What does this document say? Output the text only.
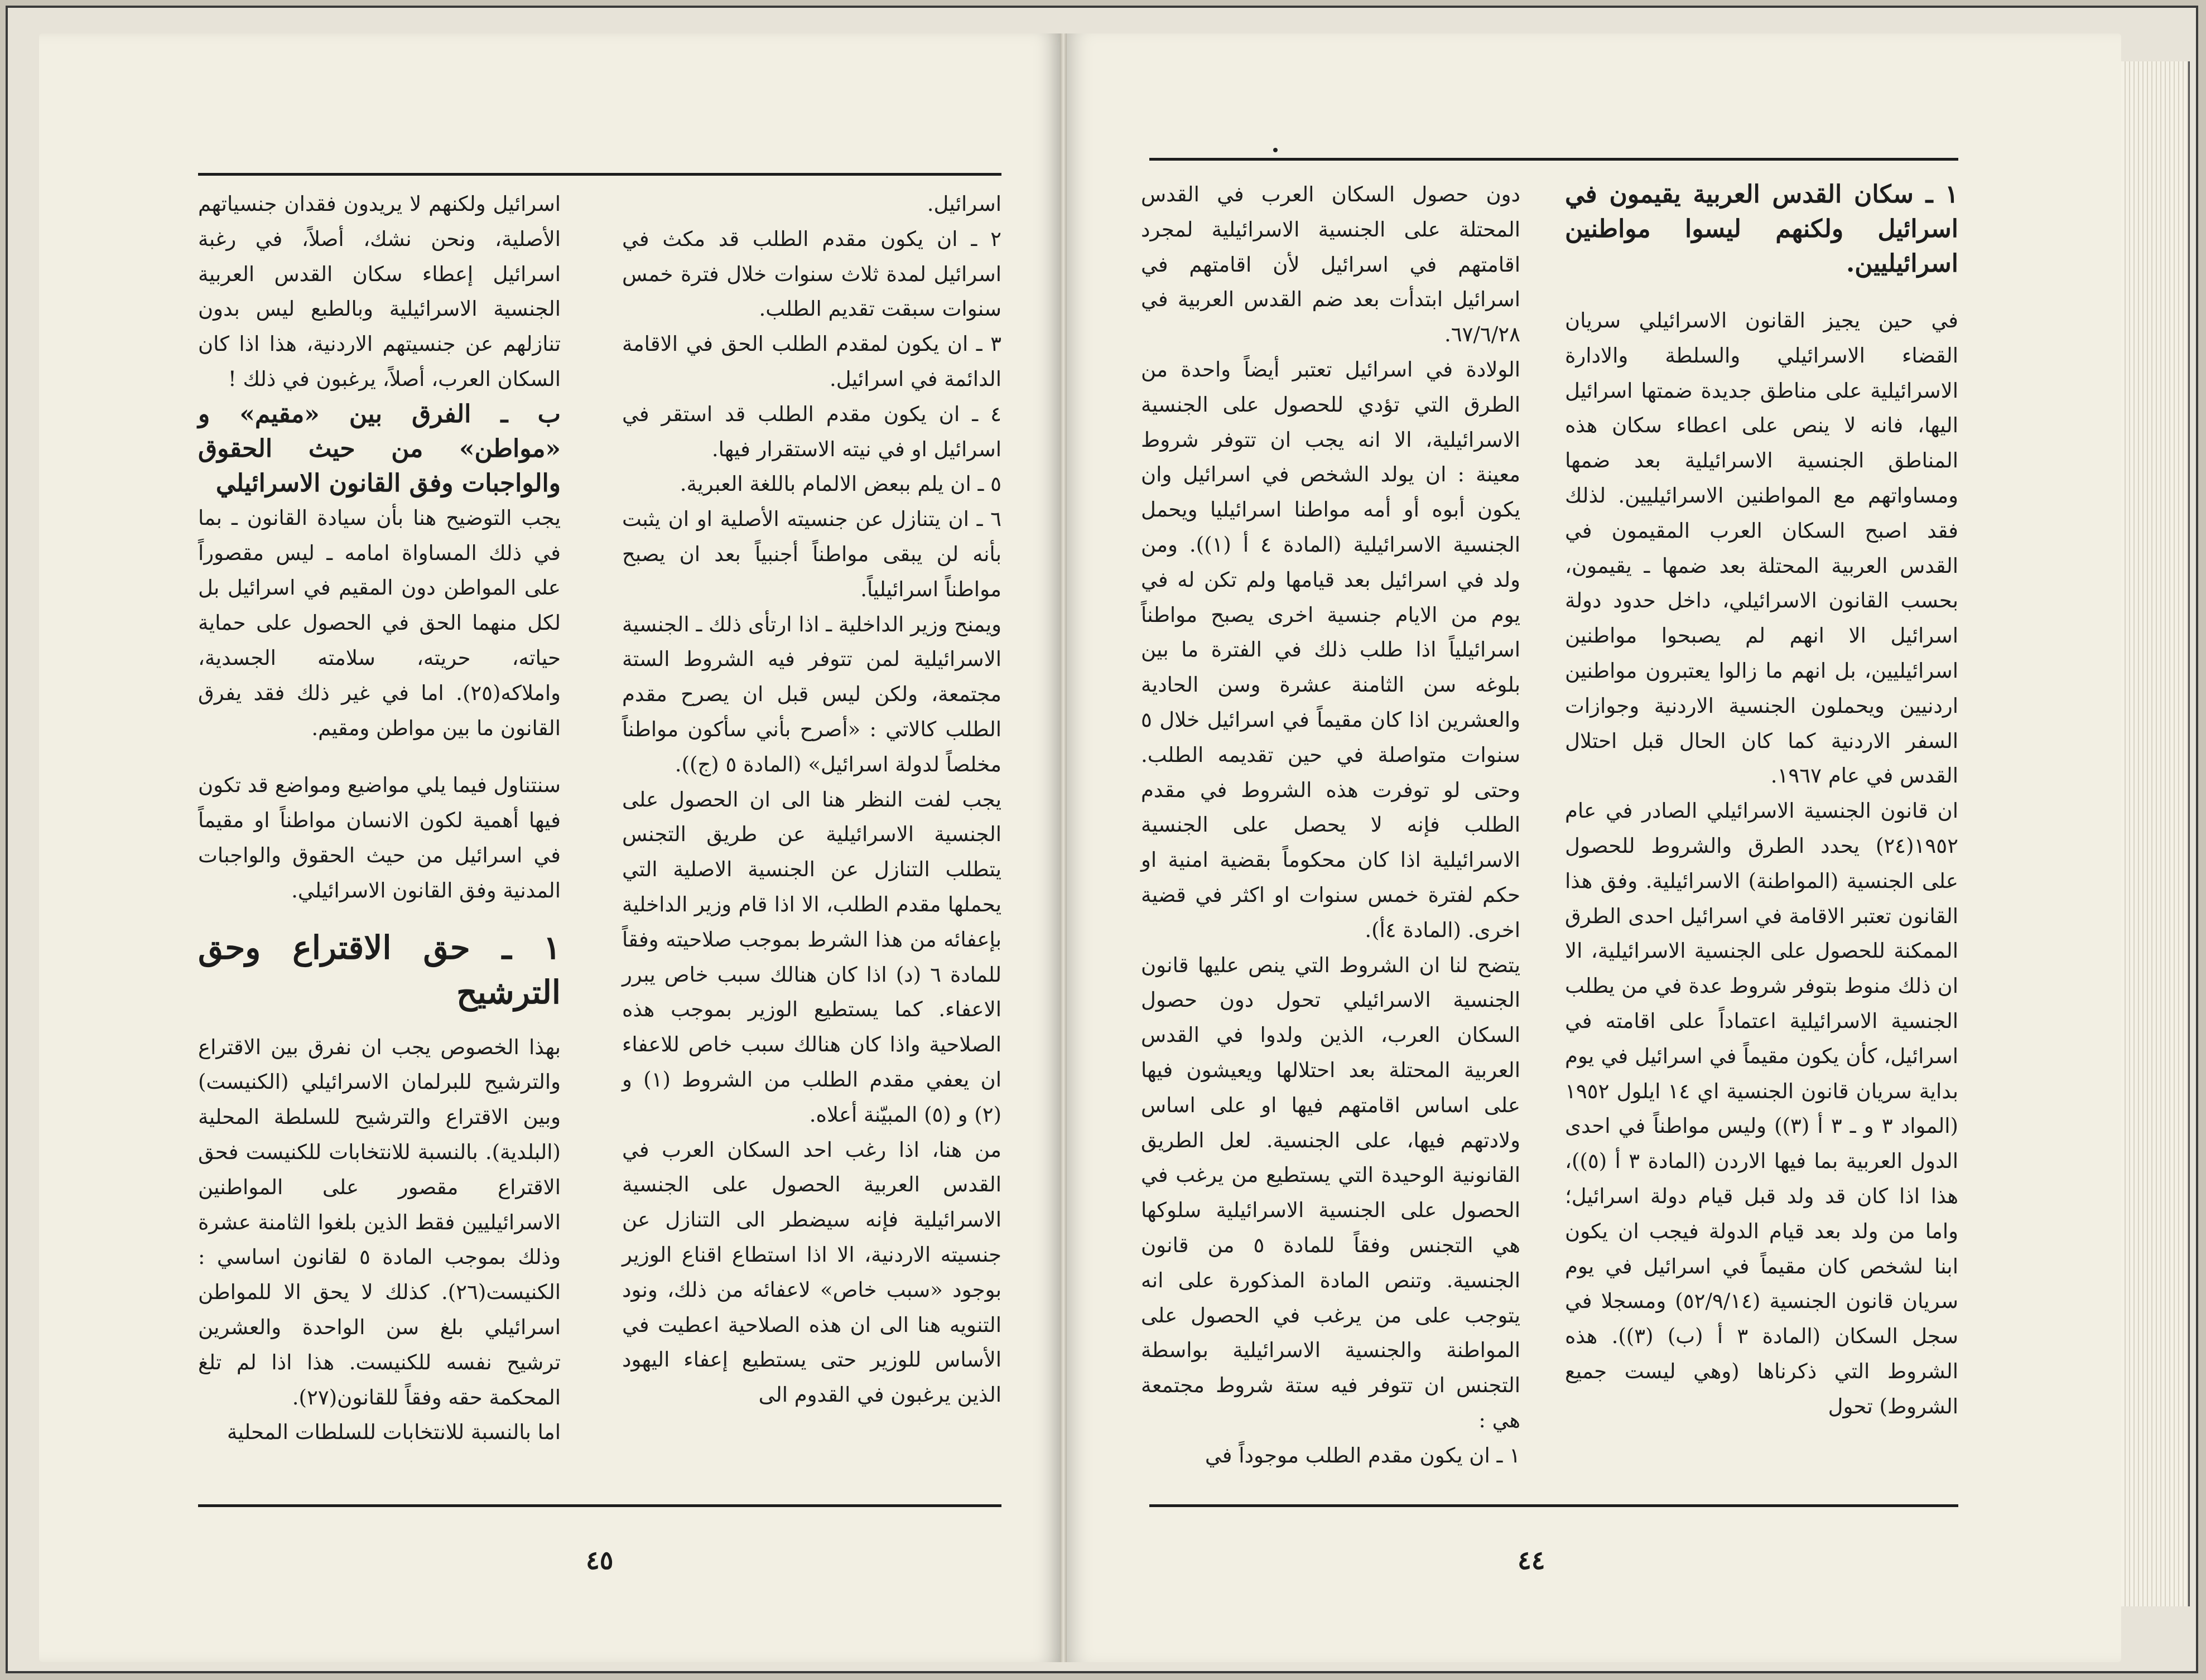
اسرائيل ولكنهم لا يريدون فقدان جنسياتهم الأصلية، ونحن نشك، أصلاً، في رغبة اسرائيل إعطاء سكان القدس العربية الجنسية الاسرائيلية وبالطبع ليس بدون تنازلهم عن جنسيتهم الاردنية، هذا اذا كان السكان العرب، أصلاً، يرغبون في ذلك !

ب ـ الفرق بين «مقيم» و «مواطن» من حيث الحقوق والواجبات وفق القانون الاسرائيلي

يجب التوضيح هنا بأن سيادة القانون ـ بما في ذلك المساواة امامه ـ ليس مقصوراً على المواطن دون المقيم في اسرائيل بل لكل منهما الحق في الحصول على حماية حياته، حريته، سلامته الجسدية، واملاكه(٢٥). اما في غير ذلك فقد يفرق القانون ما بين مواطن ومقيم.

سنتناول فيما يلي مواضيع ومواضع قد تكون فيها أهمية لكون الانسان مواطناً او مقيماً في اسرائيل من حيث الحقوق والواجبات المدنية وفق القانون الاسرائيلي.

١ ـ حق الاقتراع وحق الترشيح

بهذا الخصوص يجب ان نفرق بين الاقتراع والترشيح للبرلمان الاسرائيلي (الكنيست) وبين الاقتراع والترشيح للسلطة المحلية (البلدية). بالنسبة للانتخابات للكنيست فحق الاقتراع مقصور على المواطنين الاسرائيليين فقط الذين بلغوا الثامنة عشرة وذلك بموجب المادة ٥ لقانون اساسي : الكنيست(٢٦). كذلك لا يحق الا للمواطن اسرائيلي بلغ سن الواحدة والعشرين ترشيح نفسه للكنيست. هذا اذا لم تلغ المحكمة حقه وفقاً للقانون(٢٧).

اما بالنسبة للانتخابات للسلطات المحلية

اسرائيل.

٢ ـ ان يكون مقدم الطلب قد مكث في اسرائيل لمدة ثلاث سنوات خلال فترة خمس سنوات سبقت تقديم الطلب.

٣ ـ ان يكون لمقدم الطلب الحق في الاقامة الدائمة في اسرائيل.

٤ ـ ان يكون مقدم الطلب قد استقر في اسرائيل او في نيته الاستقرار فيها.

٥ ـ ان يلم ببعض الالمام باللغة العبرية.

٦ ـ ان يتنازل عن جنسيته الأصلية او ان يثبت بأنه لن يبقى مواطناً أجنبياً بعد ان يصبح مواطناً اسرائيلياً.

ويمنح وزير الداخلية ـ اذا ارتأى ذلك ـ الجنسية الاسرائيلية لمن تتوفر فيه الشروط الستة مجتمعة، ولكن ليس قبل ان يصرح مقدم الطلب كالاتي : «أصرح بأني سأكون مواطناً مخلصاً لدولة اسرائيل» (المادة ٥ (ج)).

يجب لفت النظر هنا الى ان الحصول على الجنسية الاسرائيلية عن طريق التجنس يتطلب التنازل عن الجنسية الاصلية التي يحملها مقدم الطلب، الا اذا قام وزير الداخلية بإعفائه من هذا الشرط بموجب صلاحيته وفقاً للمادة ٦ (د) اذا كان هنالك سبب خاص يبرر الاعفاء. كما يستطيع الوزير بموجب هذه الصلاحية واذا كان هنالك سبب خاص للاعفاء ان يعفي مقدم الطلب من الشروط (١) و (٢) و (٥) المبيّنة أعلاه.

من هنا، اذا رغب احد السكان العرب في القدس العربية الحصول على الجنسية الاسرائيلية فإنه سيضطر الى التنازل عن جنسيته الاردنية، الا اذا استطاع اقناع الوزير بوجود «سبب خاص» لاعفائه من ذلك، ونود التنويه هنا الى ان هذه الصلاحية اعطيت في الأساس للوزير حتى يستطيع إعفاء اليهود الذين يرغبون في القدوم الى

دون حصول السكان العرب في القدس المحتلة على الجنسية الاسرائيلية لمجرد اقامتهم في اسرائيل لأن اقامتهم في اسرائيل ابتدأت بعد ضم القدس العربية في ٦٧/٦/٢٨.

الولادة في اسرائيل تعتبر أيضاً واحدة من الطرق التي تؤدي للحصول على الجنسية الاسرائيلية، الا انه يجب ان تتوفر شروط معينة : ان يولد الشخص في اسرائيل وان يكون أبوه أو أمه مواطنا اسرائيليا ويحمل الجنسية الاسرائيلية (المادة ٤ أ (١)). ومن ولد في اسرائيل بعد قيامها ولم تكن له في يوم من الايام جنسية اخرى يصبح مواطناً اسرائيلياً اذا طلب ذلك في الفترة ما بين بلوغه سن الثامنة عشرة وسن الحادية والعشرين اذا كان مقيماً في اسرائيل خلال ٥ سنوات متواصلة في حين تقديمه الطلب. وحتى لو توفرت هذه الشروط في مقدم الطلب فإنه لا يحصل على الجنسية الاسرائيلية اذا كان محكوماً بقضية امنية او حكم لفترة خمس سنوات او اكثر في قضية اخرى. (المادة ٤أ).

يتضح لنا ان الشروط التي ينص عليها قانون الجنسية الاسرائيلي تحول دون حصول السكان العرب، الذين ولدوا في القدس العربية المحتلة بعد احتلالها ويعيشون فيها على اساس اقامتهم فيها او على اساس ولادتهم فيها، على الجنسية. لعل الطريق القانونية الوحيدة التي يستطيع من يرغب في الحصول على الجنسية الاسرائيلية سلوكها هي التجنس وفقاً للمادة ٥ من قانون الجنسية. وتنص المادة المذكورة على انه يتوجب على من يرغب في الحصول على المواطنة والجنسية الاسرائيلية بواسطة التجنس ان تتوفر فيه ستة شروط مجتمعة هي :

١ ـ ان يكون مقدم الطلب موجوداً في

١ ـ سكان القدس العربية يقيمون في اسرائيل ولكنهم ليسوا مواطنين اسرائيليين.

في حين يجيز القانون الاسرائيلي سريان القضاء الاسرائيلي والسلطة والادارة الاسرائيلية على مناطق جديدة ضمتها اسرائيل اليها، فانه لا ينص على اعطاء سكان هذه المناطق الجنسية الاسرائيلية بعد ضمها ومساواتهم مع المواطنين الاسرائيليين. لذلك فقد اصبح السكان العرب المقيمون في القدس العربية المحتلة بعد ضمها ـ يقيمون، بحسب القانون الاسرائيلي، داخل حدود دولة اسرائيل الا انهم لم يصبحوا مواطنين اسرائيليين، بل انهم ما زالوا يعتبرون مواطنين اردنيين ويحملون الجنسية الاردنية وجوازات السفر الاردنية كما كان الحال قبل احتلال القدس في عام ١٩٦٧.

ان قانون الجنسية الاسرائيلي الصادر في عام ١٩٥٢(٢٤) يحدد الطرق والشروط للحصول على الجنسية (المواطنة) الاسرائيلية. وفق هذا القانون تعتبر الاقامة في اسرائيل احدى الطرق الممكنة للحصول على الجنسية الاسرائيلية، الا ان ذلك منوط بتوفر شروط عدة في من يطلب الجنسية الاسرائيلية اعتماداً على اقامته في اسرائيل، كأن يكون مقيماً في اسرائيل في يوم بداية سريان قانون الجنسية اي ١٤ ايلول ١٩٥٢ (المواد ٣ و ـ ٣ أ (٣)) وليس مواطناً في احدى الدول العربية بما فيها الاردن (المادة ٣ أ (٥))، هذا اذا كان قد ولد قبل قيام دولة اسرائيل؛ واما من ولد بعد قيام الدولة فيجب ان يكون ابنا لشخص كان مقيماً في اسرائيل في يوم سريان قانون الجنسية (٥٢/٩/١٤) ومسجلا في سجل السكان (المادة ٣ أ (ب) (٣)). هذه الشروط التي ذكرناها (وهي ليست جميع الشروط) تحول

٤٥	٤٤
